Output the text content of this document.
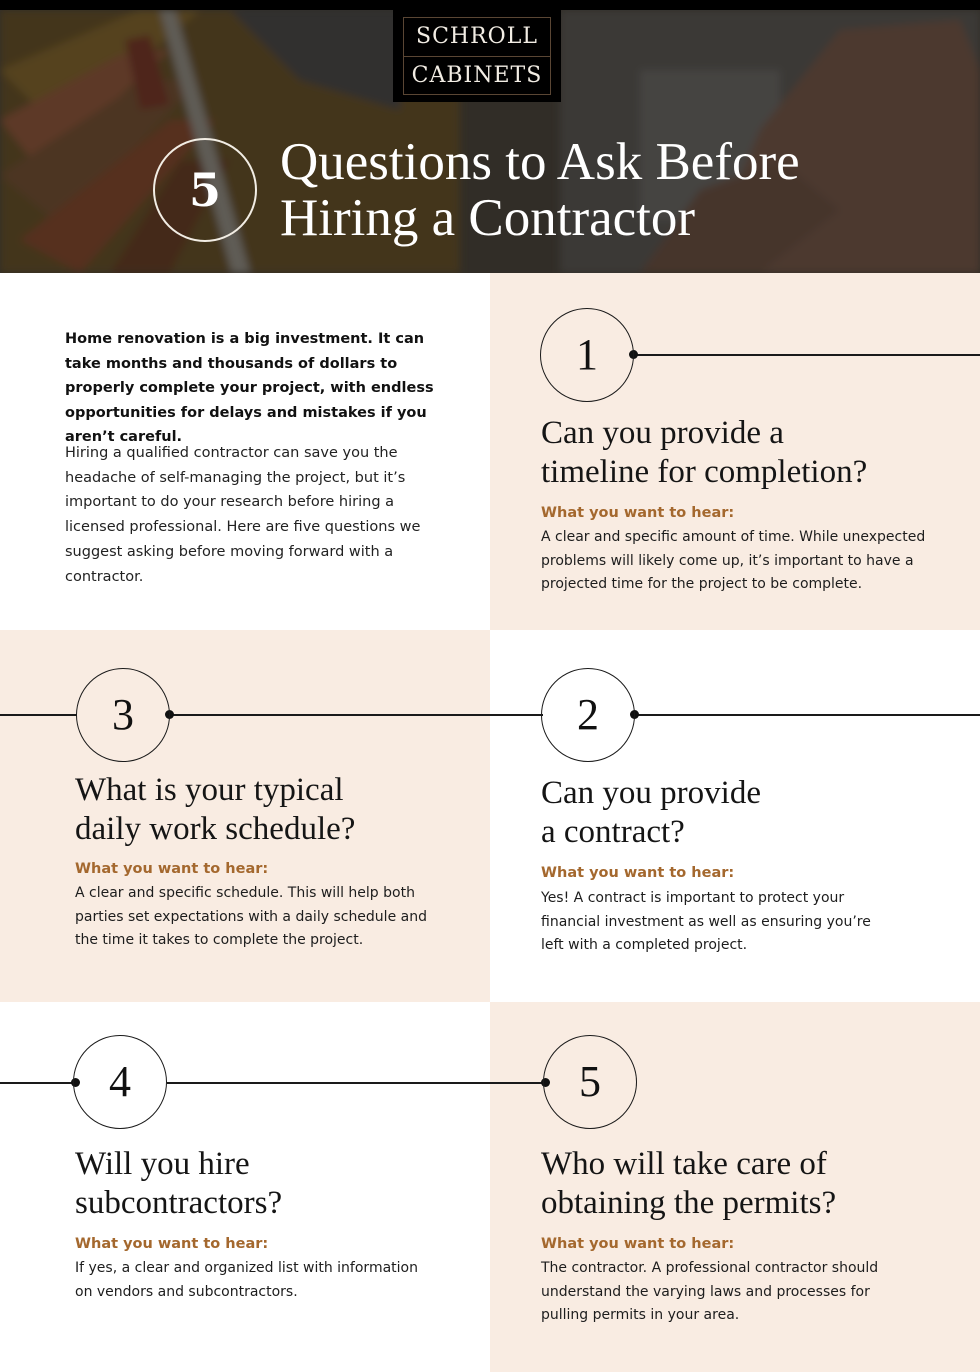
SCHROLL
CABINETS
5	Questions to Ask Before
Hiring a Contractor
Home renovation is a big investment. It can take months and thousands of dollars to properly complete your project, with endless opportunities for delays and mistakes if you aren’t careful.
Hiring a qualified contractor can save you the headache of self-managing the project, but it’s important to do your research before hiring a licensed professional. Here are five questions we suggest asking before moving forward with a contractor.
1
Can you provide a
timeline for completion?
What you want to hear:
A clear and specific amount of time. While unexpected problems will likely come up, it’s important to have a projected time for the project to be complete.
3
What is your typical
daily work schedule?
What you want to hear:
A clear and specific schedule. This will help both parties set expectations with a daily schedule and the time it takes to complete the project.
2
Can you provide
a contract?
What you want to hear:
Yes! A contract is important to protect your financial investment as well as ensuring you’re left with a completed project.
4
Will you hire
subcontractors?
What you want to hear:
If yes, a clear and organized list with information on vendors and subcontractors.
5
Who will take care of
obtaining the permits?
What you want to hear:
The contractor. A professional contractor should understand the varying laws and processes for pulling permits in your area.
